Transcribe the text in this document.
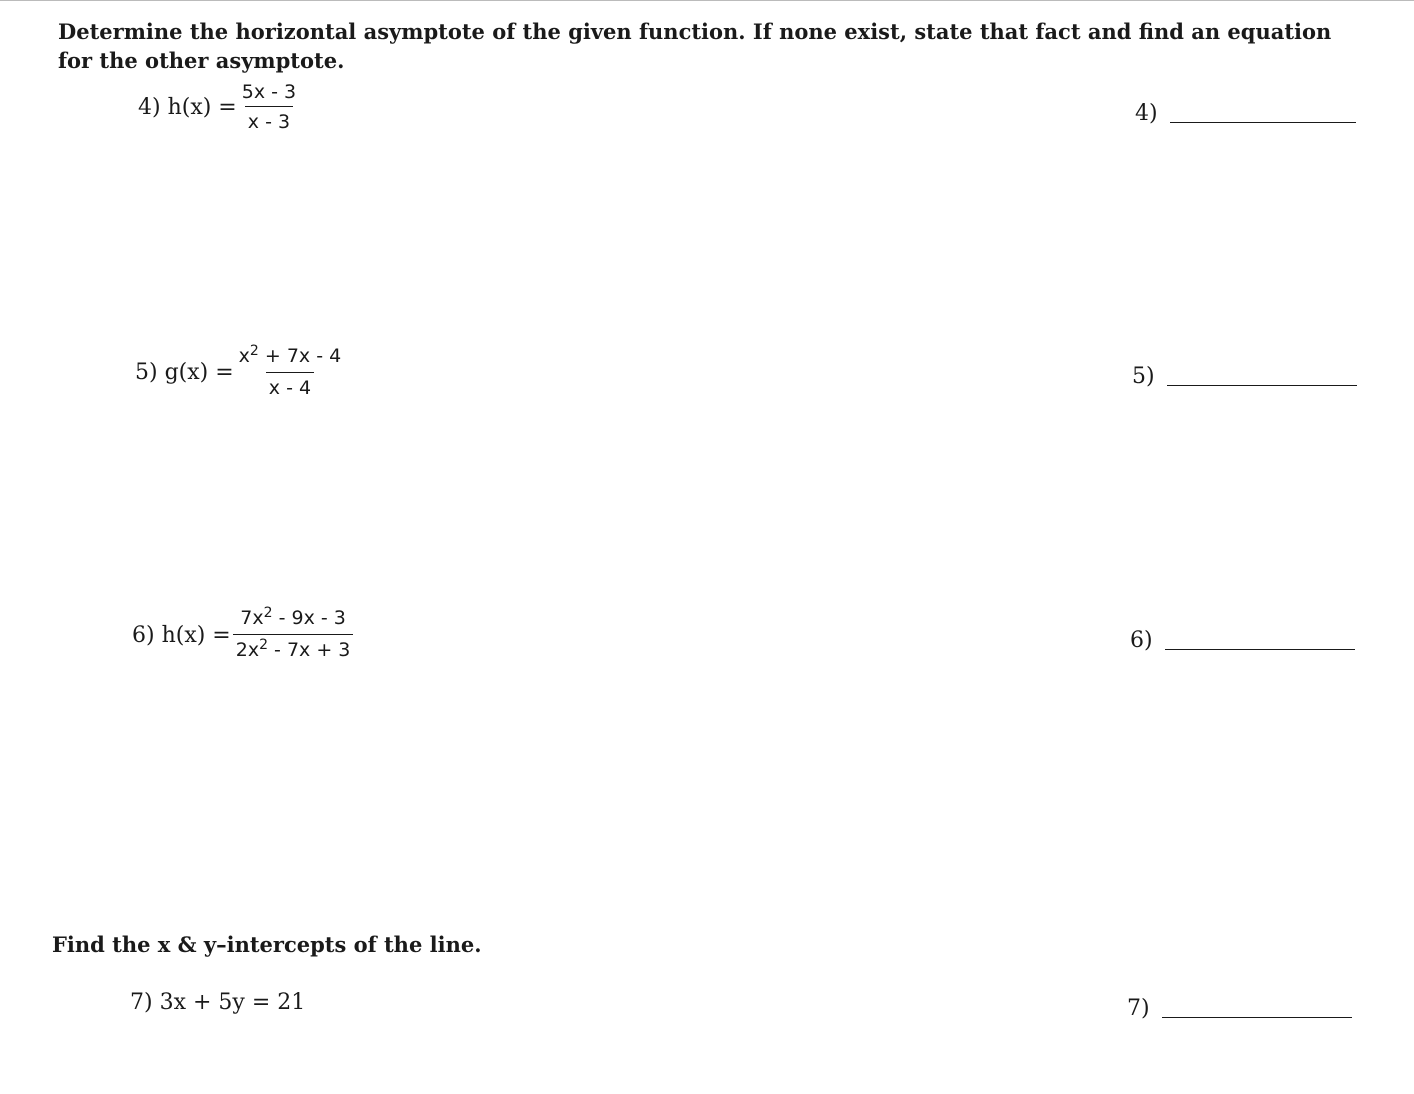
Determine the horizontal asymptote of the given function. If none exist, state that fact and find an equation for the other asymptote.
4) $h(x) = \frac{5x - 3}{x - 3}$	4)
5) $g(x) = \frac{x^2 + 7x - 4}{x - 4}$	5)
6) $h(x) = \frac{7x^2 - 9x - 3}{2x^2 - 7x + 3}$	6)
Find the x & y–intercepts of the line.
7) 3x + 5y = 21	7)
